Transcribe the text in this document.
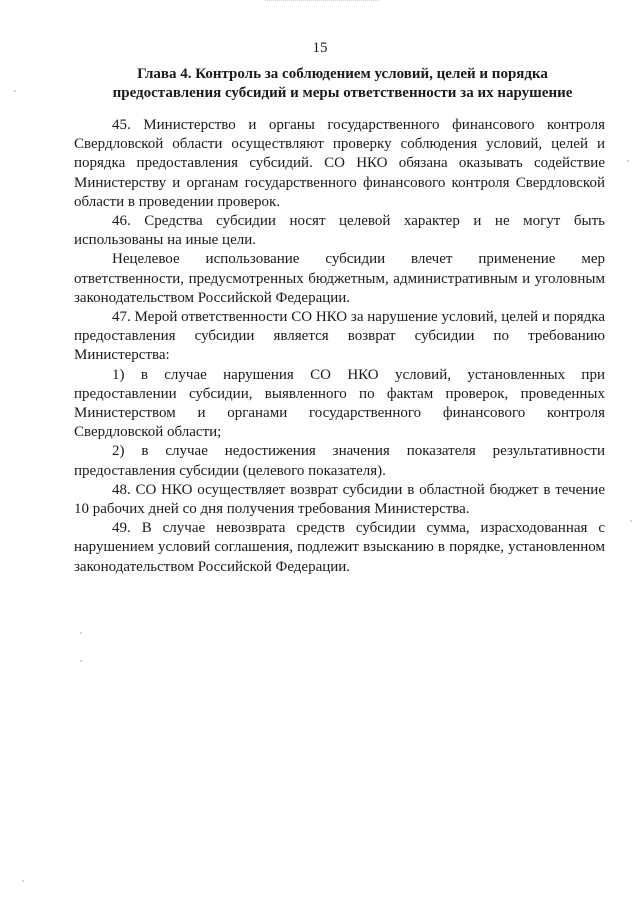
15
Глава 4. Контроль за соблюдением условий, целей и порядка
предоставления субсидий и меры ответственности за их нарушение

45. Министерство и органы государственного финансового контроля Свердловской области осуществляют проверку соблюдения условий, целей и порядка предоставления субсидий. СО НКО обязана оказывать содействие Министерству и органам государственного финансового контроля Свердловской области в проведении проверок.

46. Средства субсидии носят целевой характер и не могут быть использованы на иные цели.

Нецелевое использование субсидии влечет применение мер ответственности, предусмотренных бюджетным, административным и уголовным законодательством Российской Федерации.

47. Мерой ответственности СО НКО за нарушение условий, целей и порядка предоставления субсидии является возврат субсидии по требованию Министерства:

1) в случае нарушения СО НКО условий, установленных при предоставлении субсидии, выявленного по фактам проверок, проведенных Министерством и органами государственного финансового контроля Свердловской области;

2) в случае недостижения значения показателя результативности предоставления субсидии (целевого показателя).

48. СО НКО осуществляет возврат субсидии в областной бюджет в течение 10 рабочих дней со дня получения требования Министерства.

49. В случае невозврата средств субсидии сумма, израсходованная с нарушением условий соглашения, подлежит взысканию в порядке, установленном законодательством Российской Федерации.
